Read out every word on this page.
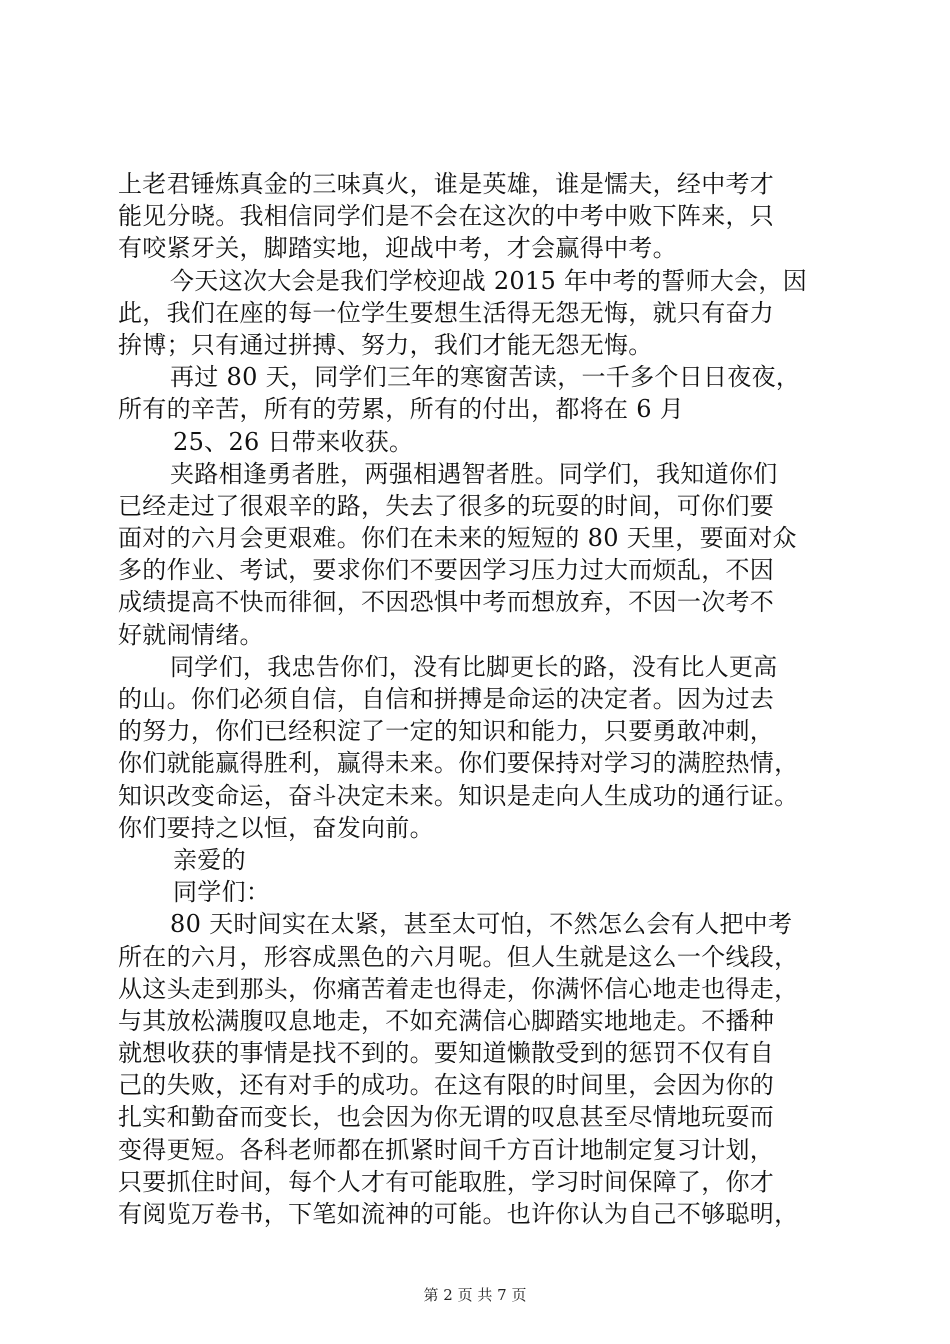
上老君锤炼真金的三味真火，谁是英雄，谁是懦夫，经中考才
能见分晓。我相信同学们是不会在这次的中考中败下阵来，只
有咬紧牙关，脚踏实地，迎战中考，才会赢得中考。
今天这次大会是我们学校迎战 2015 年中考的誓师大会，因
此，我们在座的每一位学生要想生活得无怨无悔，就只有奋力
拚博；只有通过拼搏、努力，我们才能无怨无悔。
再过 80 天，同学们三年的寒窗苦读，一千多个日日夜夜，
所有的辛苦，所有的劳累，所有的付出，都将在 6 月
25、26 日带来收获。
夹路相逢勇者胜，两强相遇智者胜。同学们，我知道你们
已经走过了很艰辛的路，失去了很多的玩耍的时间，可你们要
面对的六月会更艰难。你们在未来的短短的 80 天里，要面对众
多的作业、考试，要求你们不要因学习压力过大而烦乱，不因
成绩提高不快而徘徊，不因恐惧中考而想放弃，不因一次考不
好就闹情绪。
同学们，我忠告你们，没有比脚更长的路，没有比人更高
的山。你们必须自信，自信和拼搏是命运的决定者。因为过去
的努力，你们已经积淀了一定的知识和能力，只要勇敢冲刺，
你们就能赢得胜利，赢得未来。你们要保持对学习的满腔热情，
知识改变命运，奋斗决定未来。知识是走向人生成功的通行证。
你们要持之以恒，奋发向前。
亲爱的
同学们：
80 天时间实在太紧，甚至太可怕，不然怎么会有人把中考
所在的六月，形容成黑色的六月呢。但人生就是这么一个线段，
从这头走到那头，你痛苦着走也得走，你满怀信心地走也得走，
与其放松满腹叹息地走，不如充满信心脚踏实地地走。不播种
就想收获的事情是找不到的。要知道懒散受到的惩罚不仅有自
己的失败，还有对手的成功。在这有限的时间里，会因为你的
扎实和勤奋而变长，也会因为你无谓的叹息甚至尽情地玩耍而
变得更短。各科老师都在抓紧时间千方百计地制定复习计划，
只要抓住时间，每个人才有可能取胜，学习时间保障了，你才
有阅览万卷书，下笔如流神的可能。也许你认为自己不够聪明，
第 2 页 共 7 页
